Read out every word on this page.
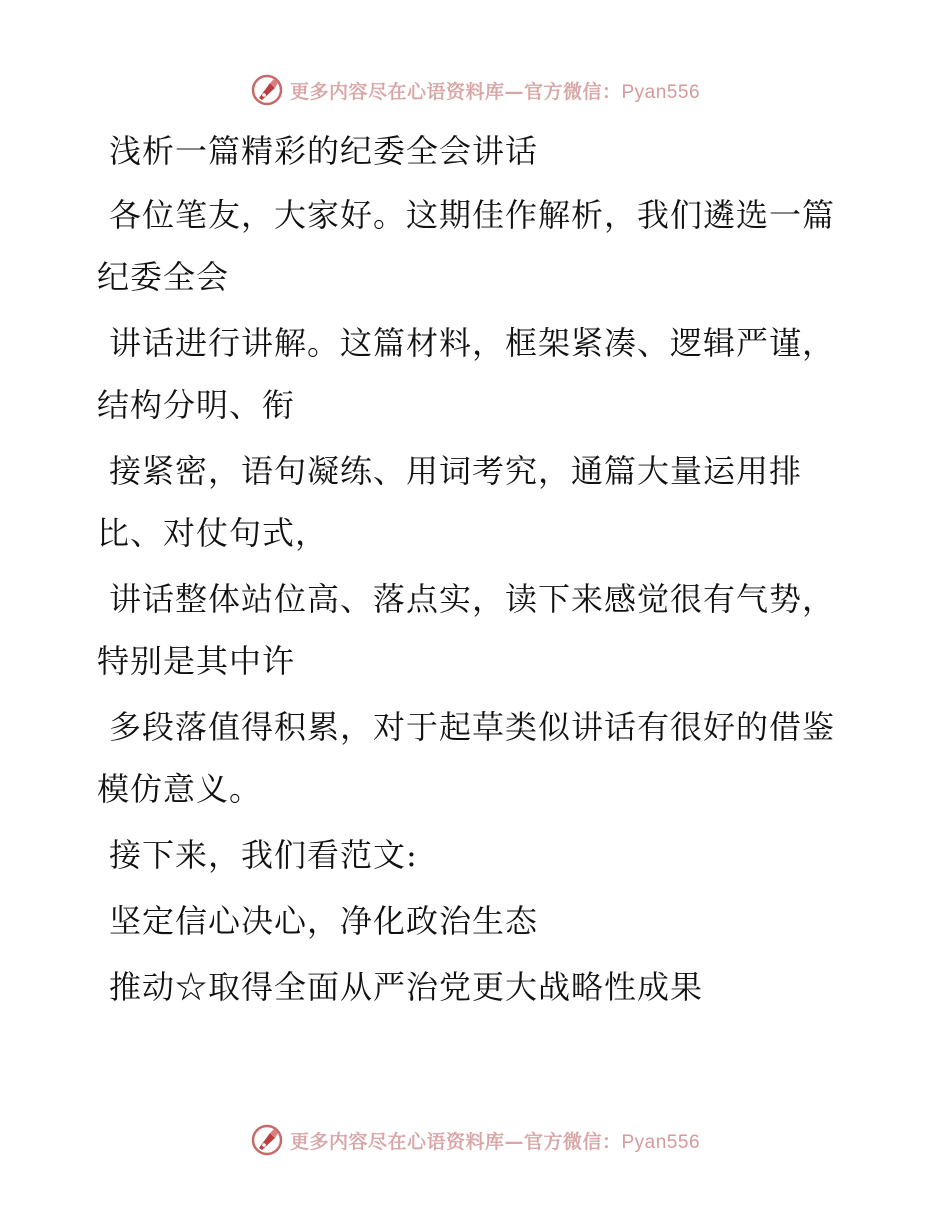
更多内容尽在心语资料库—官方微信：Pyan556

浅析一篇精彩的纪委全会讲话

各位笔友，大家好。这期佳作解析，我们遴选一篇纪委全会

讲话进行讲解。这篇材料，框架紧凑、逻辑严谨，结构分明、衔

接紧密，语句凝练、用词考究，通篇大量运用排比、对仗句式，

讲话整体站位高、落点实，读下来感觉很有气势，特别是其中许

多段落值得积累，对于起草类似讲话有很好的借鉴模仿意义。

接下来，我们看范文:

坚定信心决心，净化政治生态

推动☆取得全面从严治党更大战略性成果

更多内容尽在心语资料库—官方微信：Pyan556
